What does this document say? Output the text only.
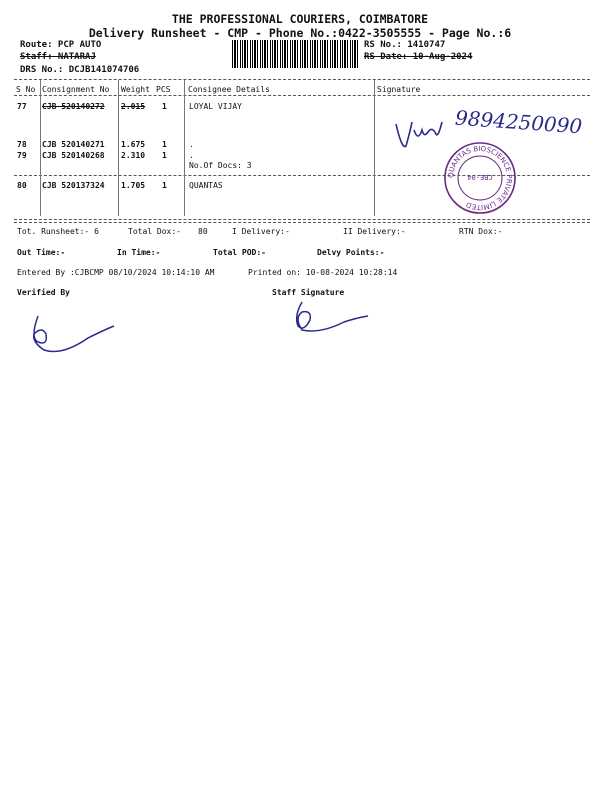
THE PROFESSIONAL COURIERS, COIMBATORE
Delivery Runsheet - CMP - Phone No.:0422-3505555 - Page No.:6
Route: PCP AUTO
Staff: NATARAJ
DRS No.: DCJB141074706
RS No.: 1410747
RS Date: 10-Aug-2024
S No Consignment No Weight PCS Consignee Details	Signature
77 CJB 520140272 2.015 1	LOYAL VIJAY
78 CJB 520140271 1.675 1	.
79 CJB 520140268 2.310 1	.
No.Of Docs: 3
80 CJB 520137324 1.705 1	QUANTAS
9894250090
QUANTAS BIOSCIENCE PRIVATE LIMITED
CBE-04
Tot. Runsheet:- 6	Total Dox:- 80	I Delivery:-	II Delivery:-	RTN Dox:-
Out Time:-	In Time:-	Total POD:-	Delvy Points:-
Entered By :CJBCMP 08/10/2024 10:14:10 AM	Printed on: 10-08-2024 10:28:14
Verified By	Staff Signature
